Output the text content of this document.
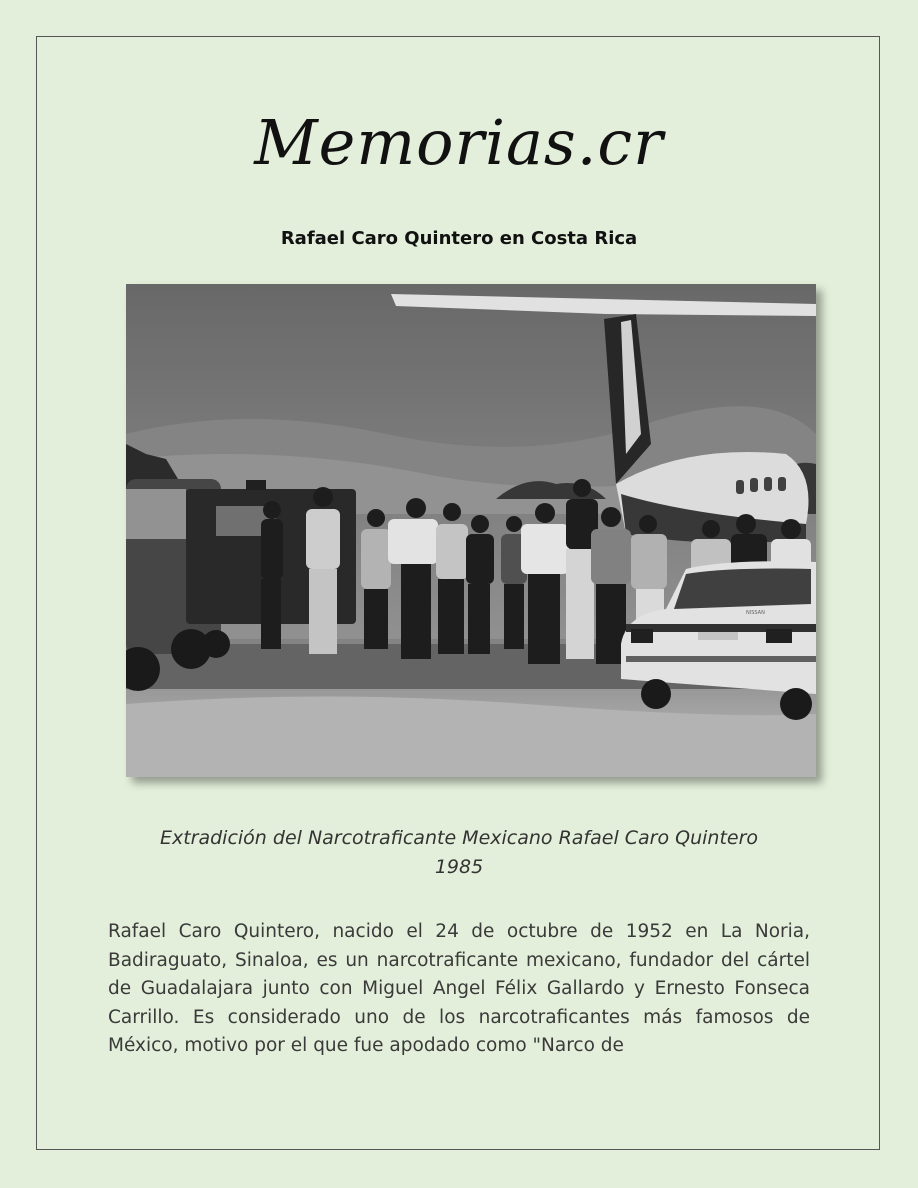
Memorias.cr
Rafael Caro Quintero en Costa Rica
NISSAN
Extradición del Narcotraficante Mexicano Rafael Caro Quintero
1985
Rafael Caro Quintero, nacido el 24 de octubre de 1952 en La Noria, Badiraguato, Sinaloa, es un narcotraficante mexicano, fundador del cártel de Guadalajara junto con Miguel Angel Félix Gallardo y Ernesto Fonseca Carrillo. Es considerado uno de los narcotraficantes más famosos de México, motivo por el que fue apodado como "Narco de
